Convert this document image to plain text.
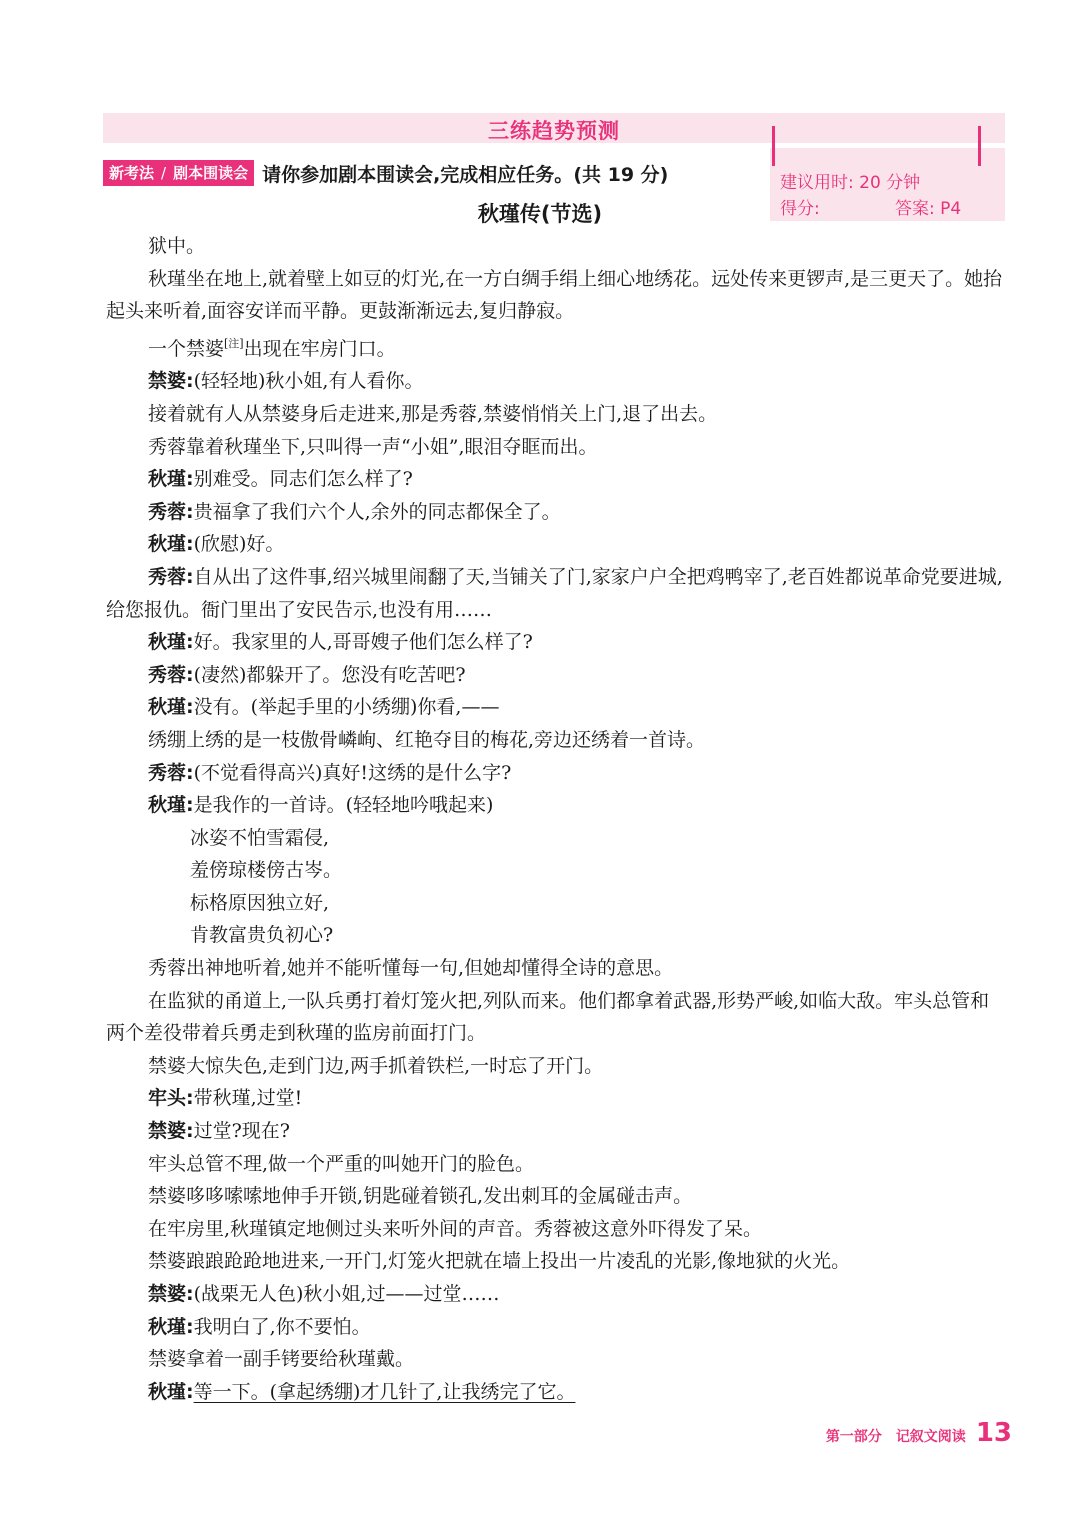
三练趋势预测
建议用时: 20 分钟
得分:	答案: P4
新考法 / 剧本围读会 请你参加剧本围读会,完成相应任务。(共 19 分)
秋瑾传(节选)

狱中。

秋瑾坐在地上,就着壁上如豆的灯光,在一方白绸手绢上细心地绣花。远处传来更锣声,是三更天了。她抬起头来听着,面容安详而平静。更鼓渐渐远去,复归静寂。

一个禁婆[注]出现在牢房门口。

禁婆:(轻轻地)秋小姐,有人看你。

接着就有人从禁婆身后走进来,那是秀蓉,禁婆悄悄关上门,退了出去。

秀蓉靠着秋瑾坐下,只叫得一声“小姐”,眼泪夺眶而出。

秋瑾:别难受。同志们怎么样了?

秀蓉:贵福拿了我们六个人,余外的同志都保全了。

秋瑾:(欣慰)好。

秀蓉:自从出了这件事,绍兴城里闹翻了天,当铺关了门,家家户户全把鸡鸭宰了,老百姓都说革命党要进城,给您报仇。衙门里出了安民告示,也没有用……

秋瑾:好。我家里的人,哥哥嫂子他们怎么样了?

秀蓉:(凄然)都躲开了。您没有吃苦吧?

秋瑾:没有。(举起手里的小绣绷)你看,——

绣绷上绣的是一枝傲骨嶙峋、红艳夺目的梅花,旁边还绣着一首诗。

秀蓉:(不觉看得高兴)真好!这绣的是什么字?

秋瑾:是我作的一首诗。(轻轻地吟哦起来)

冰姿不怕雪霜侵,

羞傍琼楼傍古岑。

标格原因独立好,

肯教富贵负初心?

秀蓉出神地听着,她并不能听懂每一句,但她却懂得全诗的意思。

在监狱的甬道上,一队兵勇打着灯笼火把,列队而来。他们都拿着武器,形势严峻,如临大敌。牢头总管和两个差役带着兵勇走到秋瑾的监房前面打门。

禁婆大惊失色,走到门边,两手抓着铁栏,一时忘了开门。

牢头:带秋瑾,过堂!

禁婆:过堂?现在?

牢头总管不理,做一个严重的叫她开门的脸色。

禁婆哆哆嗦嗦地伸手开锁,钥匙碰着锁孔,发出刺耳的金属碰击声。

在牢房里,秋瑾镇定地侧过头来听外间的声音。秀蓉被这意外吓得发了呆。

禁婆踉踉跄跄地进来,一开门,灯笼火把就在墙上投出一片凌乱的光影,像地狱的火光。

禁婆:(战栗无人色)秋小姐,过——过堂……

秋瑾:我明白了,你不要怕。

禁婆拿着一副手铐要给秋瑾戴。

秋瑾:等一下。(拿起绣绷)才几针了,让我绣完了它。

第一部分 记叙文阅读 13
